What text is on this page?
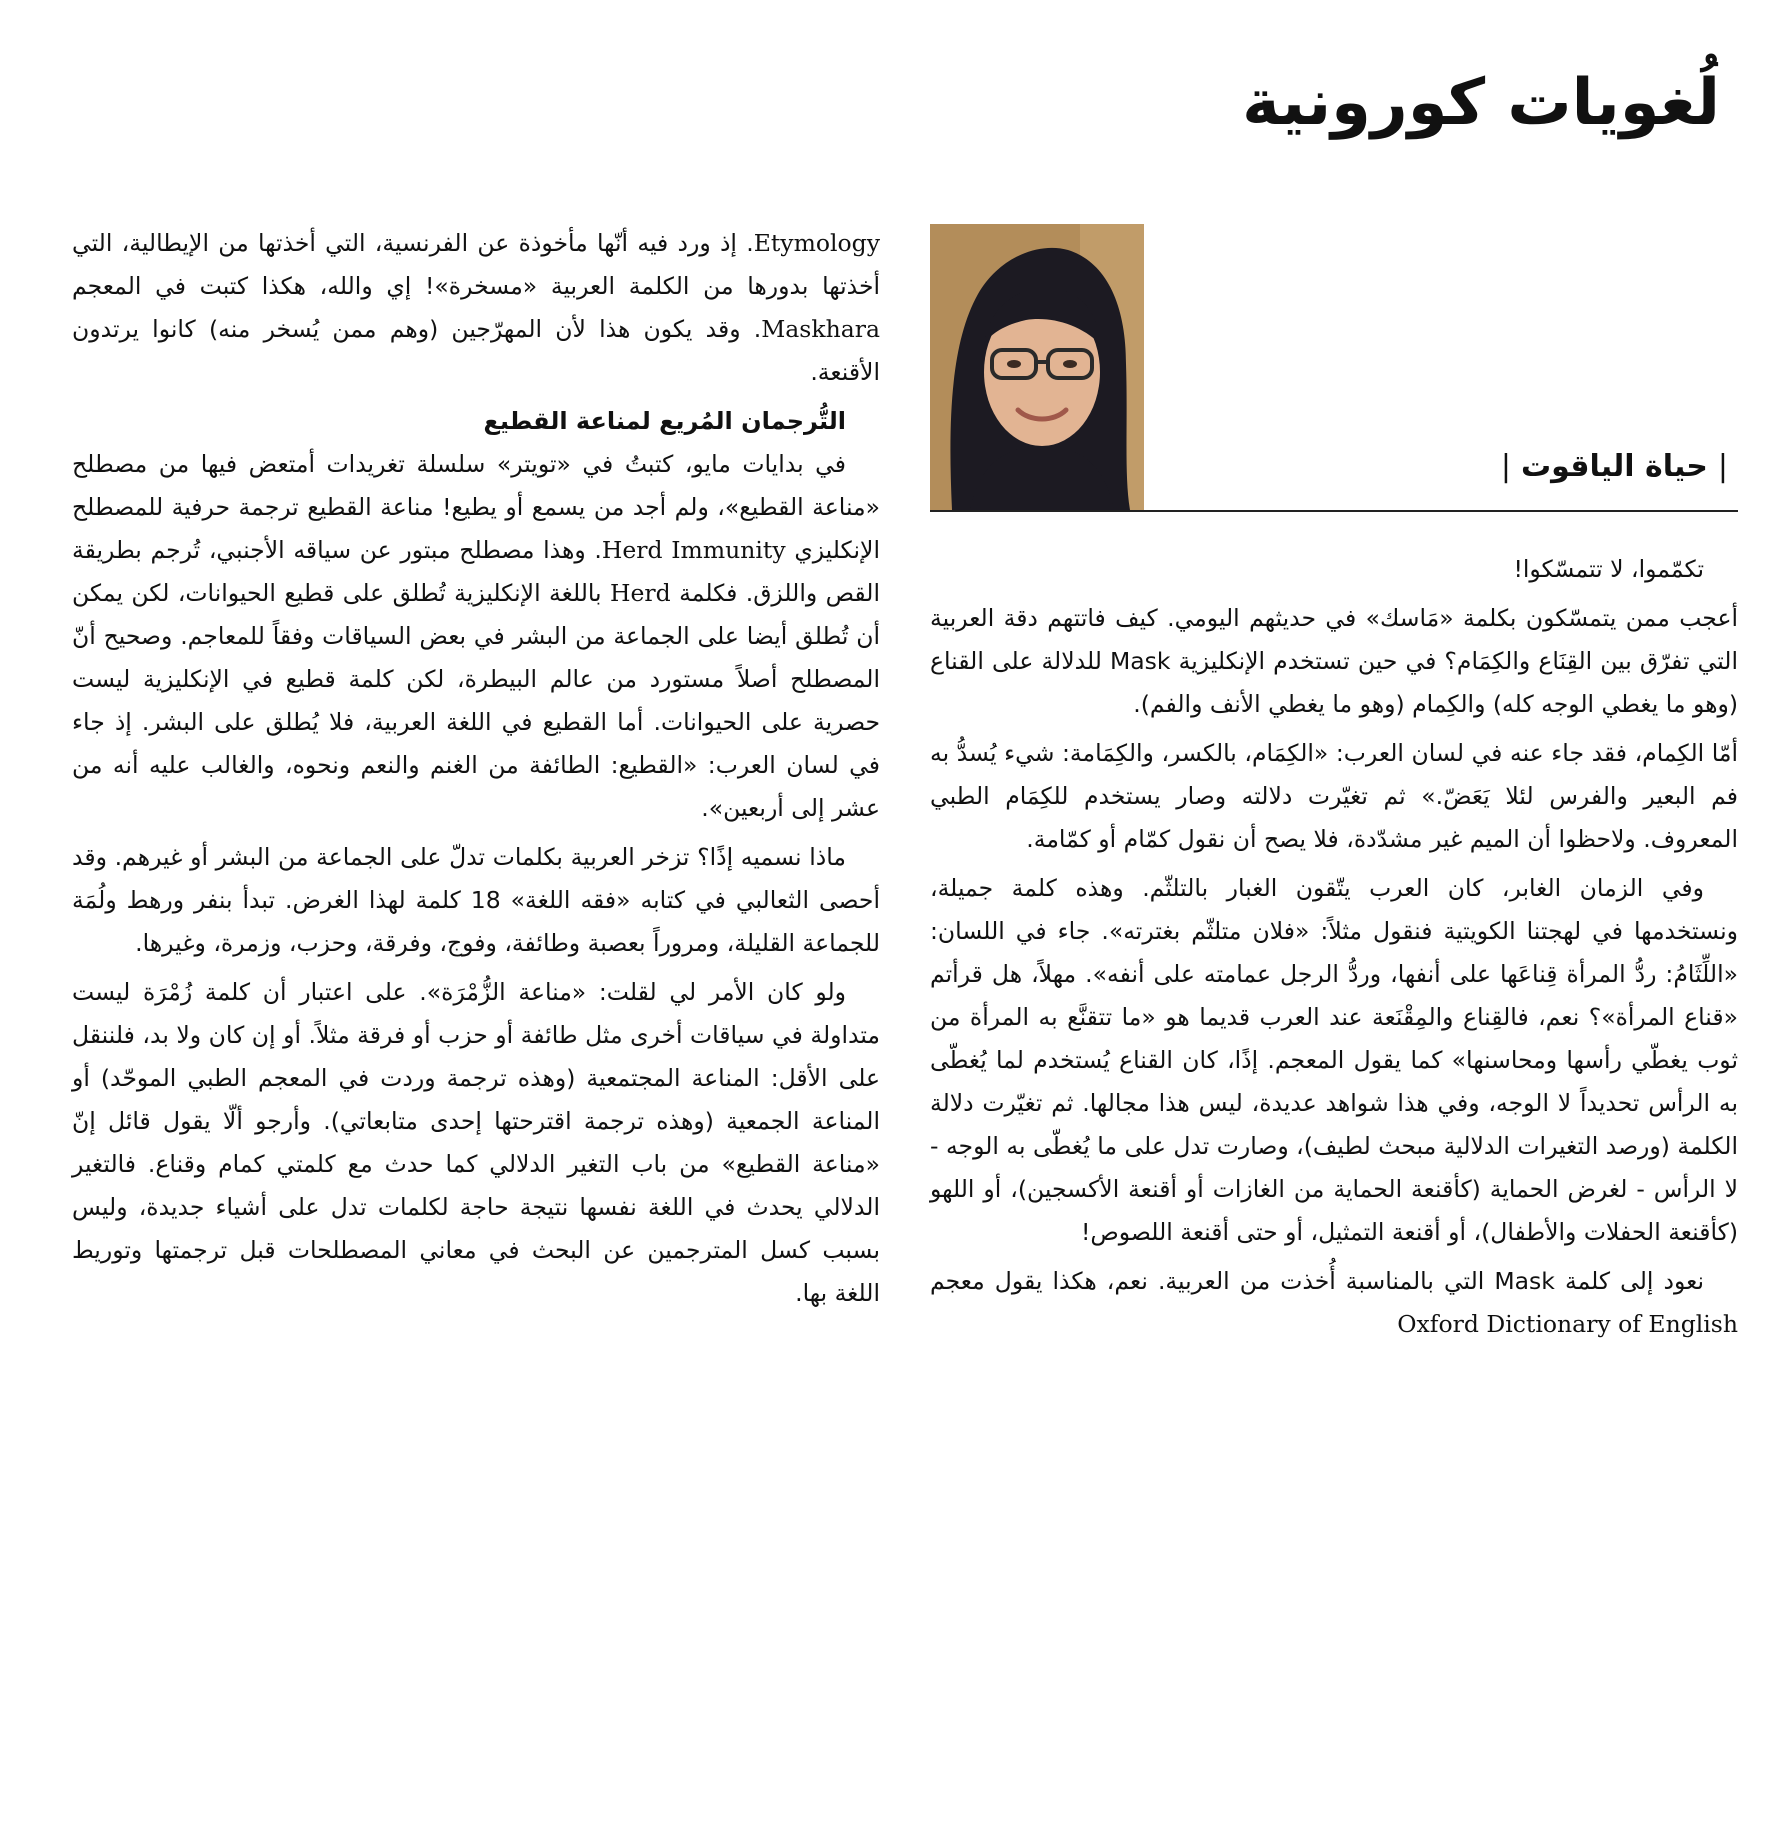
لُغويات كورونية
|حياة الياقوت|

تكمّموا، لا تتمسّكوا!

أعجب ممن يتمسّكون بكلمة «مَاسك» في حديثهم اليومي. كيف فاتتهم دقة العربية التي تفرّق بين القِنَاع والكِمَام؟ في حين تستخدم الإنكليزية Mask للدلالة على القناع (وهو ما يغطي الوجه كله) والكِمام (وهو ما يغطي الأنف والفم).

أمّا الكِمام، فقد جاء عنه في لسان العرب: «الكِمَام، بالكسر، والكِمَامة: شيء يُسدُّ به فم البعير والفرس لئلا يَعَضّ.» ثم تغيّرت دلالته وصار يستخدم للكِمَام الطبي المعروف. ولاحظوا أن الميم غير مشدّدة، فلا يصح أن نقول كمّام أو كمّامة.

وفي الزمان الغابر، كان العرب يتّقون الغبار بالتلثّم. وهذه كلمة جميلة، ونستخدمها في لهجتنا الكويتية فنقول مثلاً: «فلان متلثّم بغترته». جاء في اللسان: «اللِّثَامُ: ردُّ المرأة قِناعَها على أنفها، وردُّ الرجل عمامته على أنفه». مهلاً، هل قرأتم «قناع المرأة»؟ نعم، فالقِناع والمِقْنَعة عند العرب قديما هو «ما تتقنَّع به المرأة من ثوب يغطّي رأسها ومحاسنها» كما يقول المعجم. إذًا، كان القناع يُستخدم لما يُغطّى به الرأس تحديداً لا الوجه، وفي هذا شواهد عديدة، ليس هذا مجالها. ثم تغيّرت دلالة الكلمة (ورصد التغيرات الدلالية مبحث لطيف)، وصارت تدل على ما يُغطّى به الوجه - لا الرأس - لغرض الحماية (كأقنعة الحماية من الغازات أو أقنعة الأكسجين)، أو اللهو (كأقنعة الحفلات والأطفال)، أو أقنعة التمثيل، أو حتى أقنعة اللصوص!

نعود إلى كلمة Mask التي بالمناسبة أُخذت من العربية. نعم، هكذا يقول معجم Oxford Dictionary of English

Etymology. إذ ورد فيه أنّها مأخوذة عن الفرنسية، التي أخذتها من الإيطالية، التي أخذتها بدورها من الكلمة العربية «مسخرة»! إي والله، هكذا كتبت في المعجم Maskhara. وقد يكون هذا لأن المهرّجين (وهم ممن يُسخر منه) كانوا يرتدون الأقنعة.

التُّرجمان المُريع لمناعة القطيع

في بدايات مايو، كتبتُ في «تويتر» سلسلة تغريدات أمتعض فيها من مصطلح «مناعة القطيع»، ولم أجد من يسمع أو يطيع! مناعة القطيع ترجمة حرفية للمصطلح الإنكليزي Herd Immunity. وهذا مصطلح مبتور عن سياقه الأجنبي، تُرجم بطريقة القص واللزق. فكلمة Herd باللغة الإنكليزية تُطلق على قطيع الحيوانات، لكن يمكن أن تُطلق أيضا على الجماعة من البشر في بعض السياقات وفقاً للمعاجم. وصحيح أنّ المصطلح أصلاً مستورد من عالم البيطرة، لكن كلمة قطيع في الإنكليزية ليست حصرية على الحيوانات. أما القطيع في اللغة العربية، فلا يُطلق على البشر. إذ جاء في لسان العرب: «القطيع: الطائفة من الغنم والنعم ونحوه، والغالب عليه أنه من عشر إلى أربعين».

ماذا نسميه إذًا؟ تزخر العربية بكلمات تدلّ على الجماعة من البشر أو غيرهم. وقد أحصى الثعالبي في كتابه «فقه اللغة» 18 كلمة لهذا الغرض. تبدأ بنفر ورهط ولُمَة للجماعة القليلة، ومروراً بعصبة وطائفة، وفوج، وفرقة، وحزب، وزمرة، وغيرها.

ولو كان الأمر لي لقلت: «مناعة الزُّمْرَة». على اعتبار أن كلمة زُمْرَة ليست متداولة في سياقات أخرى مثل طائفة أو حزب أو فرقة مثلاً. أو إن كان ولا بد، فلننقل على الأقل: المناعة المجتمعية (وهذه ترجمة وردت في المعجم الطبي الموحّد) أو المناعة الجمعية (وهذه ترجمة اقترحتها إحدى متابعاتي). وأرجو ألّا يقول قائل إنّ «مناعة القطيع» من باب التغير الدلالي كما حدث مع كلمتي كمام وقناع. فالتغير الدلالي يحدث في اللغة نفسها نتيجة حاجة لكلمات تدل على أشياء جديدة، وليس بسبب كسل المترجمين عن البحث في معاني المصطلحات قبل ترجمتها وتوريط اللغة بها.
